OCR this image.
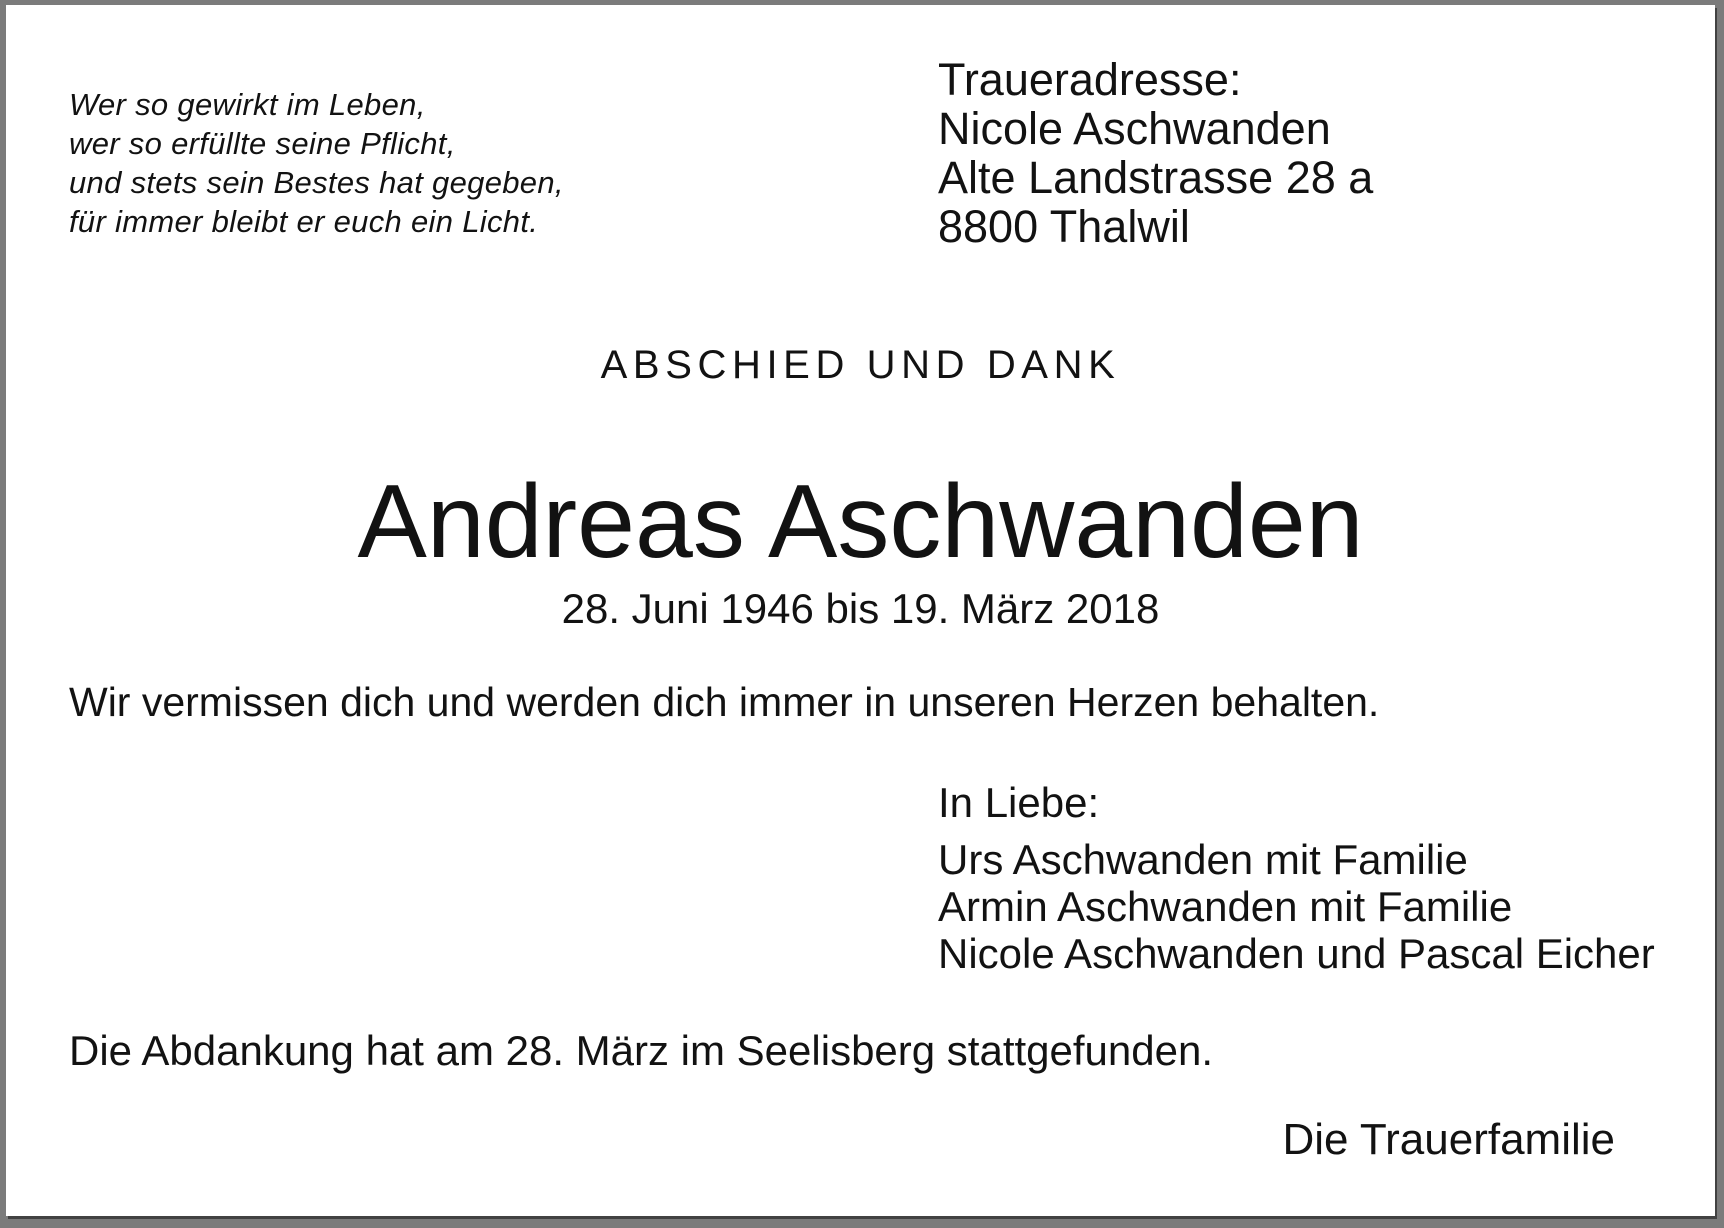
Wer so gewirkt im Leben,
wer so erfüllte seine Pflicht,
und stets sein Bestes hat gegeben,
für immer bleibt er euch ein Licht.
Traueradresse:
Nicole Aschwanden
Alte Landstrasse 28 a
8800 Thalwil
ABSCHIED UND DANK
Andreas Aschwanden
28. Juni 1946 bis 19. März 2018
Wir vermissen dich und werden dich immer in unseren Herzen behalten.
In Liebe:
Urs Aschwanden mit Familie
Armin Aschwanden mit Familie
Nicole Aschwanden und Pascal Eicher
Die Abdankung hat am 28. März im Seelisberg stattgefunden.
Die Trauerfamilie
